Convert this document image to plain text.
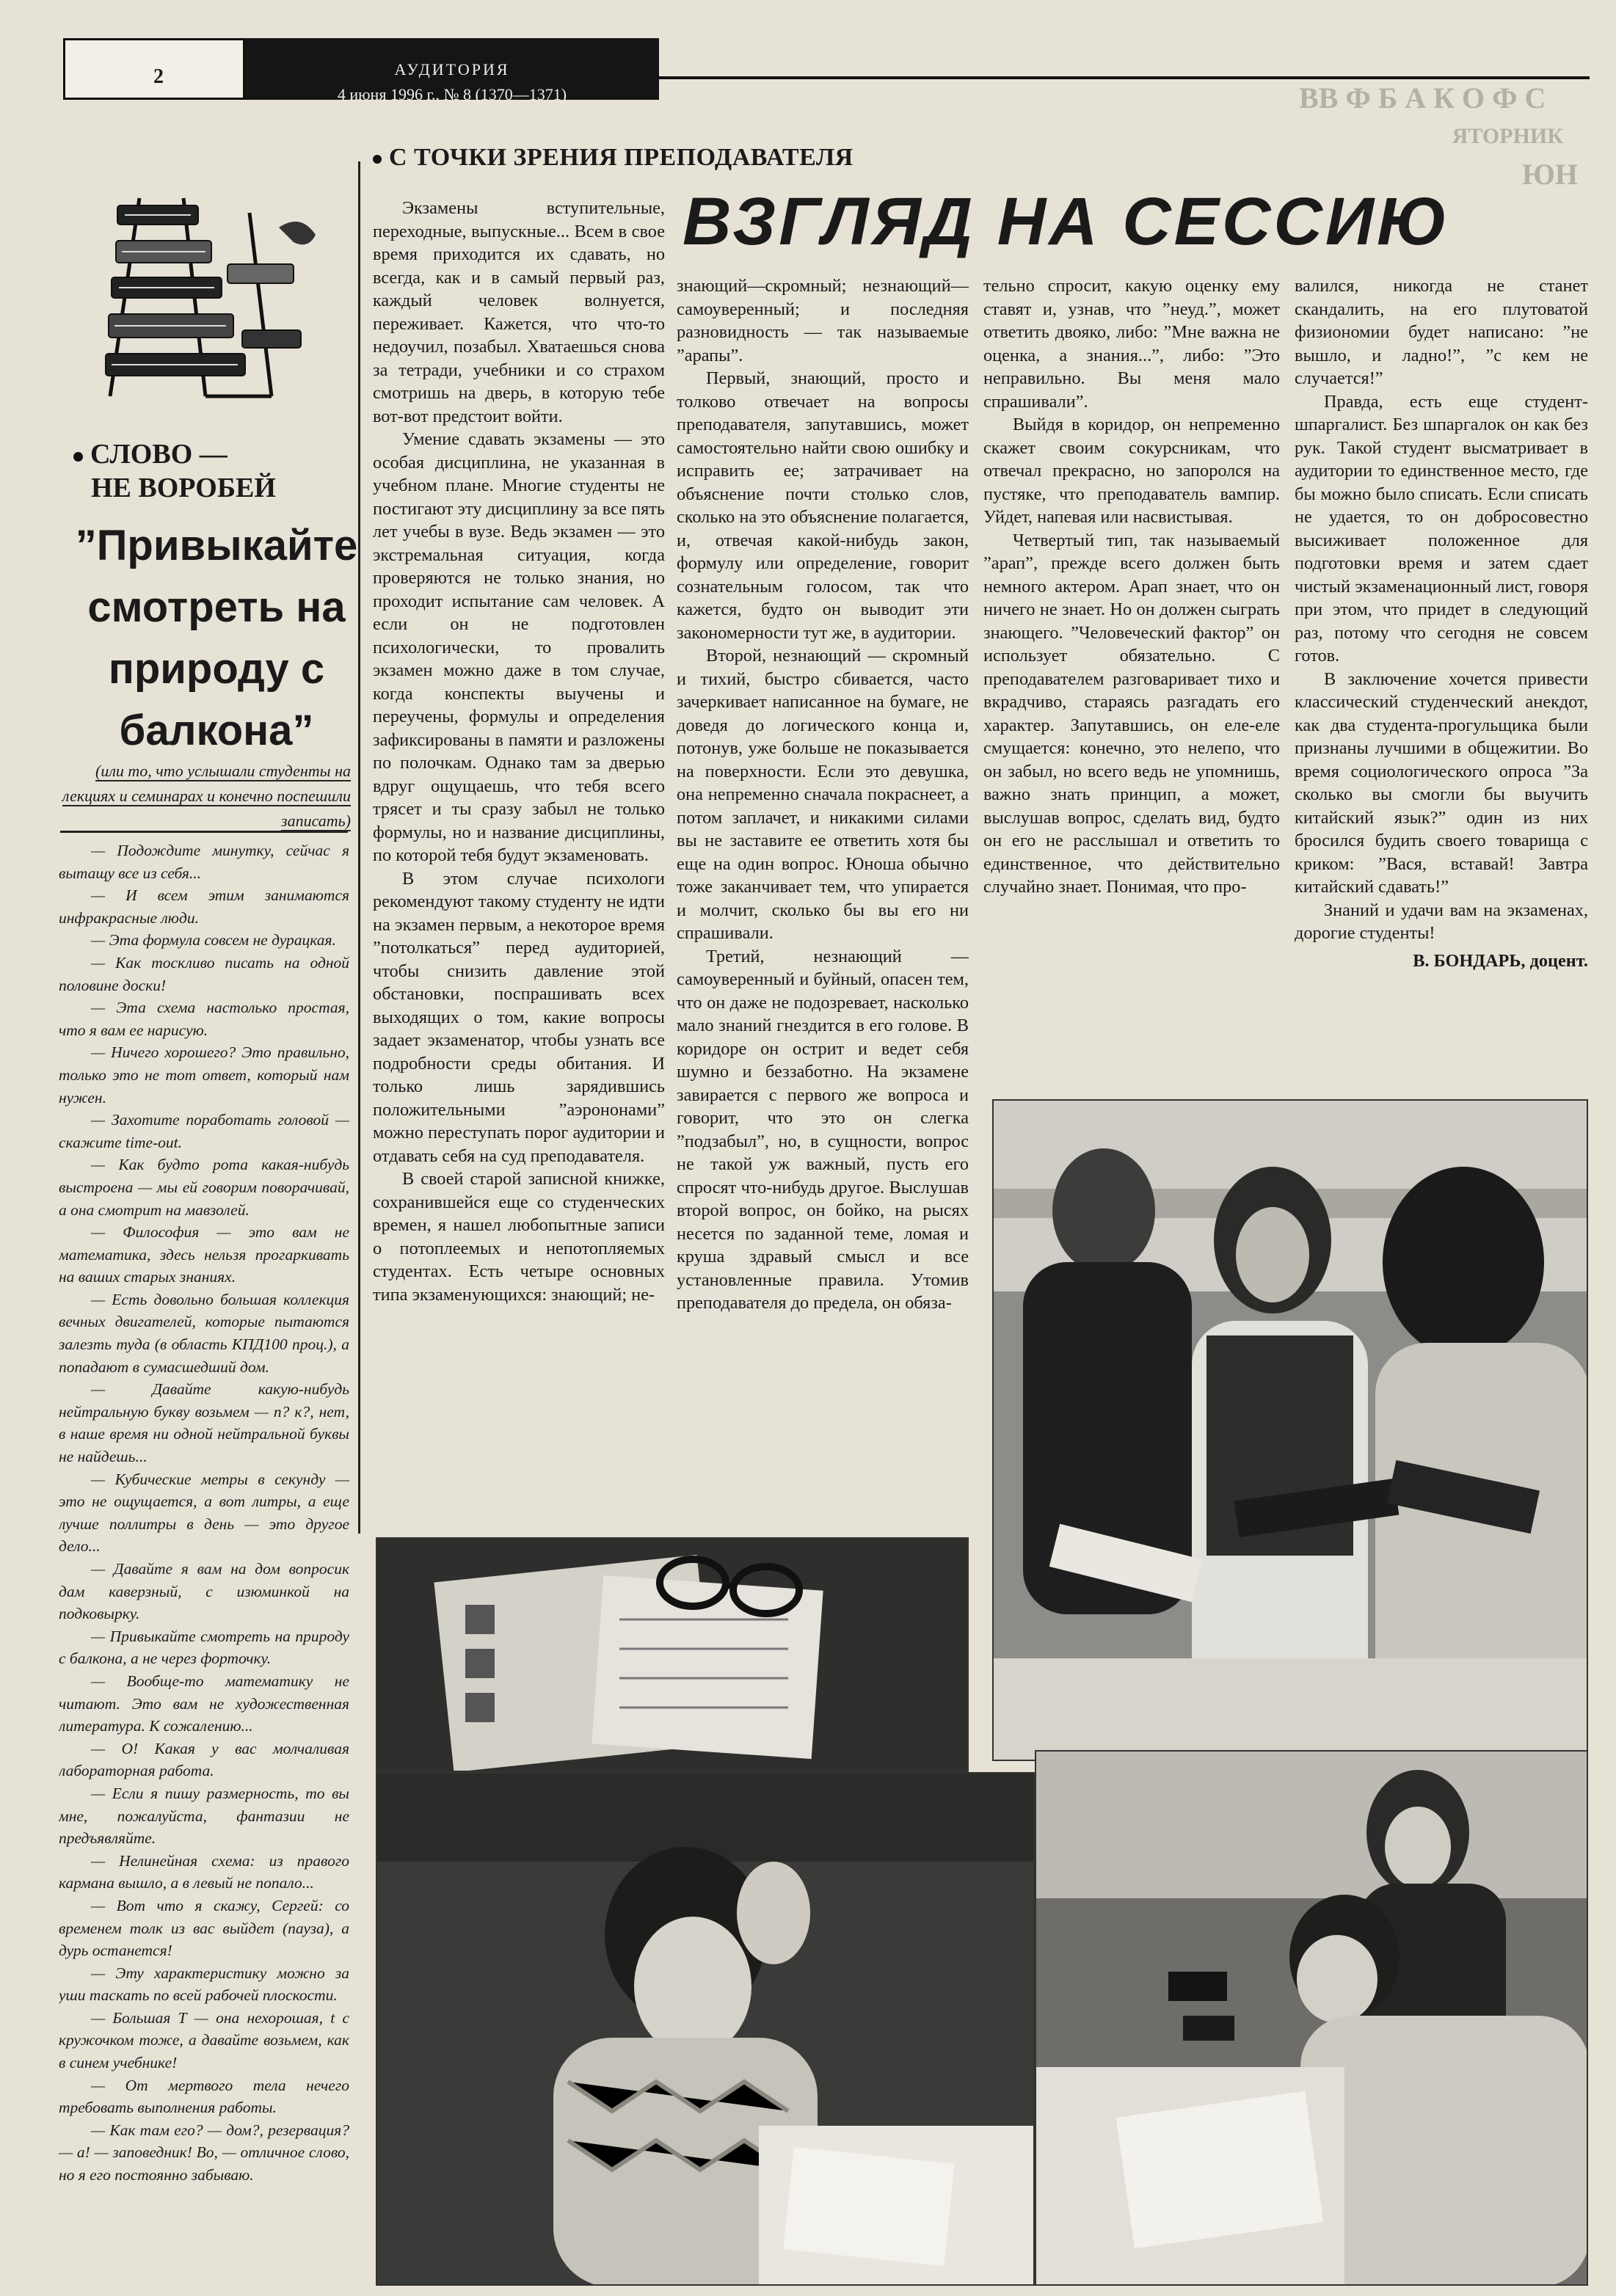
2	АУДИТОРИЯ
4 июня 1996 г., № 8 (1370—1371)	ВВ Ф Б А К О Ф С
ЯТОРНИК
ЮН
СЛОВО —
НЕ ВОРОБЕЙ
”Привыкайте смотреть на природу с балкона”
(или то, что услышали студенты на лекциях и семинарах и конечно поспешили записать)

— Подождите минутку, сейчас я вытащу все из себя...

— И всем этим занимаются инфракрасные люди.

— Эта формула совсем не дурацкая.

— Как тоскливо писать на одной половине доски!

— Эта схема настолько простая, что я вам ее нарисую.

— Ничего хорошего? Это правильно, только это не тот ответ, который нам нужен.

— Захотите поработать головой — скажите time-out.

— Как будто рота какая-нибудь выстроена — мы ей говорим поворачивай, а она смотрит на мавзолей.

— Философия — это вам не математика, здесь нельзя прогаркивать на ваших старых знаниях.

— Есть довольно большая коллекция вечных двигателей, которые пытаются залезть туда (в область КПД100 проц.), а попадают в сумасшедший дом.

— Давайте какую-нибудь нейтральную букву возьмем — n? к?, нет, в наше время ни одной нейтральной буквы не найдешь...

— Кубические метры в секунду — это не ощущается, а вот литры, а еще лучше поллитры в день — это другое дело...

— Давайте я вам на дом вопросик дам каверзный, с изюминкой на подковырку.

— Привыкайте смотреть на природу с балкона, а не через форточку.

— Вообще-то математику не читают. Это вам не художественная литература. К сожалению...

— О! Какая у вас молчаливая лабораторная работа.

— Если я пишу размерность, то вы мне, пожалуйста, фантазии не предъявляйте.

— Нелинейная схема: из правого кармана вышло, а в левый не попало...

— Вот что я скажу, Сергей: со временем толк из вас выйдет (пауза), а дурь останется!

— Эту характеристику можно за уши таскать по всей рабочей плоскости.

— Большая Т — она нехорошая, t с кружочком тоже, а давайте возьмем, как в синем учебнике!

— От мертвого тела нечего требовать выполнения работы.

— Как там его? — дом?, резервация? — а! — заповедник! Во, — отличное слово, но я его постоянно забываю.

С ТОЧКИ ЗРЕНИЯ ПРЕПОДАВАТЕЛЯ
ВЗГЛЯД НА СЕССИЮ

Экзамены вступительные, переходные, выпускные... Всем в свое время приходится их сдавать, но всегда, как и в самый первый раз, каждый человек волнуется, переживает. Кажется, что что-то недоучил, позабыл. Хватаешься снова за тетради, учебники и со страхом смотришь на дверь, в которую тебе вот-вот предстоит войти.

Умение сдавать экзамены — это особая дисциплина, не указанная в учебном плане. Многие студенты не постигают эту дисциплину за все пять лет учебы в вузе. Ведь экзамен — это экстремальная ситуация, когда проверяются не только знания, но проходит испытание сам человек. А если он не подготовлен психологически, то провалить экзамен можно даже в том случае, когда конспекты выучены и переучены, формулы и определения зафиксированы в памяти и разложены по полочкам. Однако там за дверью вдруг ощущаешь, что тебя всего трясет и ты сразу забыл не только формулы, но и название дисциплины, по которой тебя будут экзаменовать.

В этом случае психологи рекомендуют такому студенту не идти на экзамен первым, а некоторое время ”потолкаться” перед аудиторией, чтобы снизить давление этой обстановки, поспрашивать всех выходящих о том, какие вопросы задает экзаменатор, чтобы узнать все подробности среды обитания. И только лишь зарядившись положительными ”аэрононами” можно переступать порог аудитории и отдавать себя на суд преподавателя.

В своей старой записной книжке, сохранившейся еще со студенческих времен, я нашел любопытные записи о потоплеемых и непотопляемых студентах. Есть четыре основных типа экзаменующихся: знающий; не-

знающий—скромный; незнающий— самоуверенный; и последняя разновидность — так называемые ”арапы”.

Первый, знающий, просто и толково отвечает на вопросы преподавателя, запутавшись, может самостоятельно найти свою ошибку и исправить ее; затрачивает на объяснение почти столько слов, сколько на это объяснение полагается, и, отвечая какой-нибудь закон, формулу или определение, говорит сознательным голосом, так что кажется, будто он выводит эти закономерности тут же, в аудитории.

Второй, незнающий — скромный и тихий, быстро сбивается, часто зачеркивает написанное на бумаге, не доведя до логического конца и, потонув, уже больше не показывается на поверхности. Если это девушка, она непременно сначала покраснеет, а потом заплачет, и никакими силами вы не заставите ее ответить хотя бы еще на один вопрос. Юноша обычно тоже заканчивает тем, что упирается и молчит, сколько бы вы его ни спрашивали.

Третий, незнающий — самоуверенный и буйный, опасен тем, что он даже не подозревает, насколько мало знаний гнездится в его голове. В коридоре он острит и ведет себя шумно и беззаботно. На экзамене завирается с первого же вопроса и говорит, что это он слегка ”подзабыл”, но, в сущности, вопрос не такой уж важный, пусть его спросят что-нибудь другое. Выслушав второй вопрос, он бойко, на рысях несется по заданной теме, ломая и круша здравый смысл и все установленные правила. Утомив преподавателя до предела, он обяза-

тельно спросит, какую оценку ему ставят и, узнав, что ”неуд.”, может ответить двояко, либо: ”Мне важна не оценка, а знания...”, либо: ”Это неправильно. Вы меня мало спрашивали”.

Выйдя в коридор, он непременно скажет своим сокурсникам, что отвечал прекрасно, но запоролся на пустяке, что преподаватель вампир. Уйдет, напевая или насвистывая.

Четвертый тип, так называемый ”арап”, прежде всего должен быть немного актером. Арап знает, что он ничего не знает. Но он должен сыграть знающего. ”Человеческий фактор” он использует обязательно. С преподавателем разговаривает тихо и вкрадчиво, стараясь разгадать его характер. Запутавшись, он еле-еле смущается: конечно, это нелепо, что он забыл, но всего ведь не упомнишь, важно знать принцип, а может, выслушав вопрос, сделать вид, будто он его не расслышал и ответить то единственное, что действительно случайно знает. Понимая, что про-

валился, никогда не станет скандалить, на его плутоватой физиономии будет написано: ”не вышло, и ладно!”, ”с кем не случается!”

Правда, есть еще студент-шпаргалист. Без шпаргалок он как без рук. Такой студент высматривает в аудитории то единственное место, где бы можно было списать. Если списать не удается, то он добросовестно высиживает положенное для подготовки время и затем сдает чистый экзаменационный лист, говоря при этом, что придет в следующий раз, потому что сегодня не совсем готов.

В заключение хочется привести классический студенческий анекдот, как два студента-прогульщика были признаны лучшими в общежитии. Во время социологического опроса ”За сколько вы смогли бы выучить китайский язык?” один из них бросился будить своего товарища с криком: ”Вася, вставай! Завтра китайский сдавать!”

Знаний и удачи вам на экзаменах, дорогие студенты!

В. БОНДАРЬ, доцент.
